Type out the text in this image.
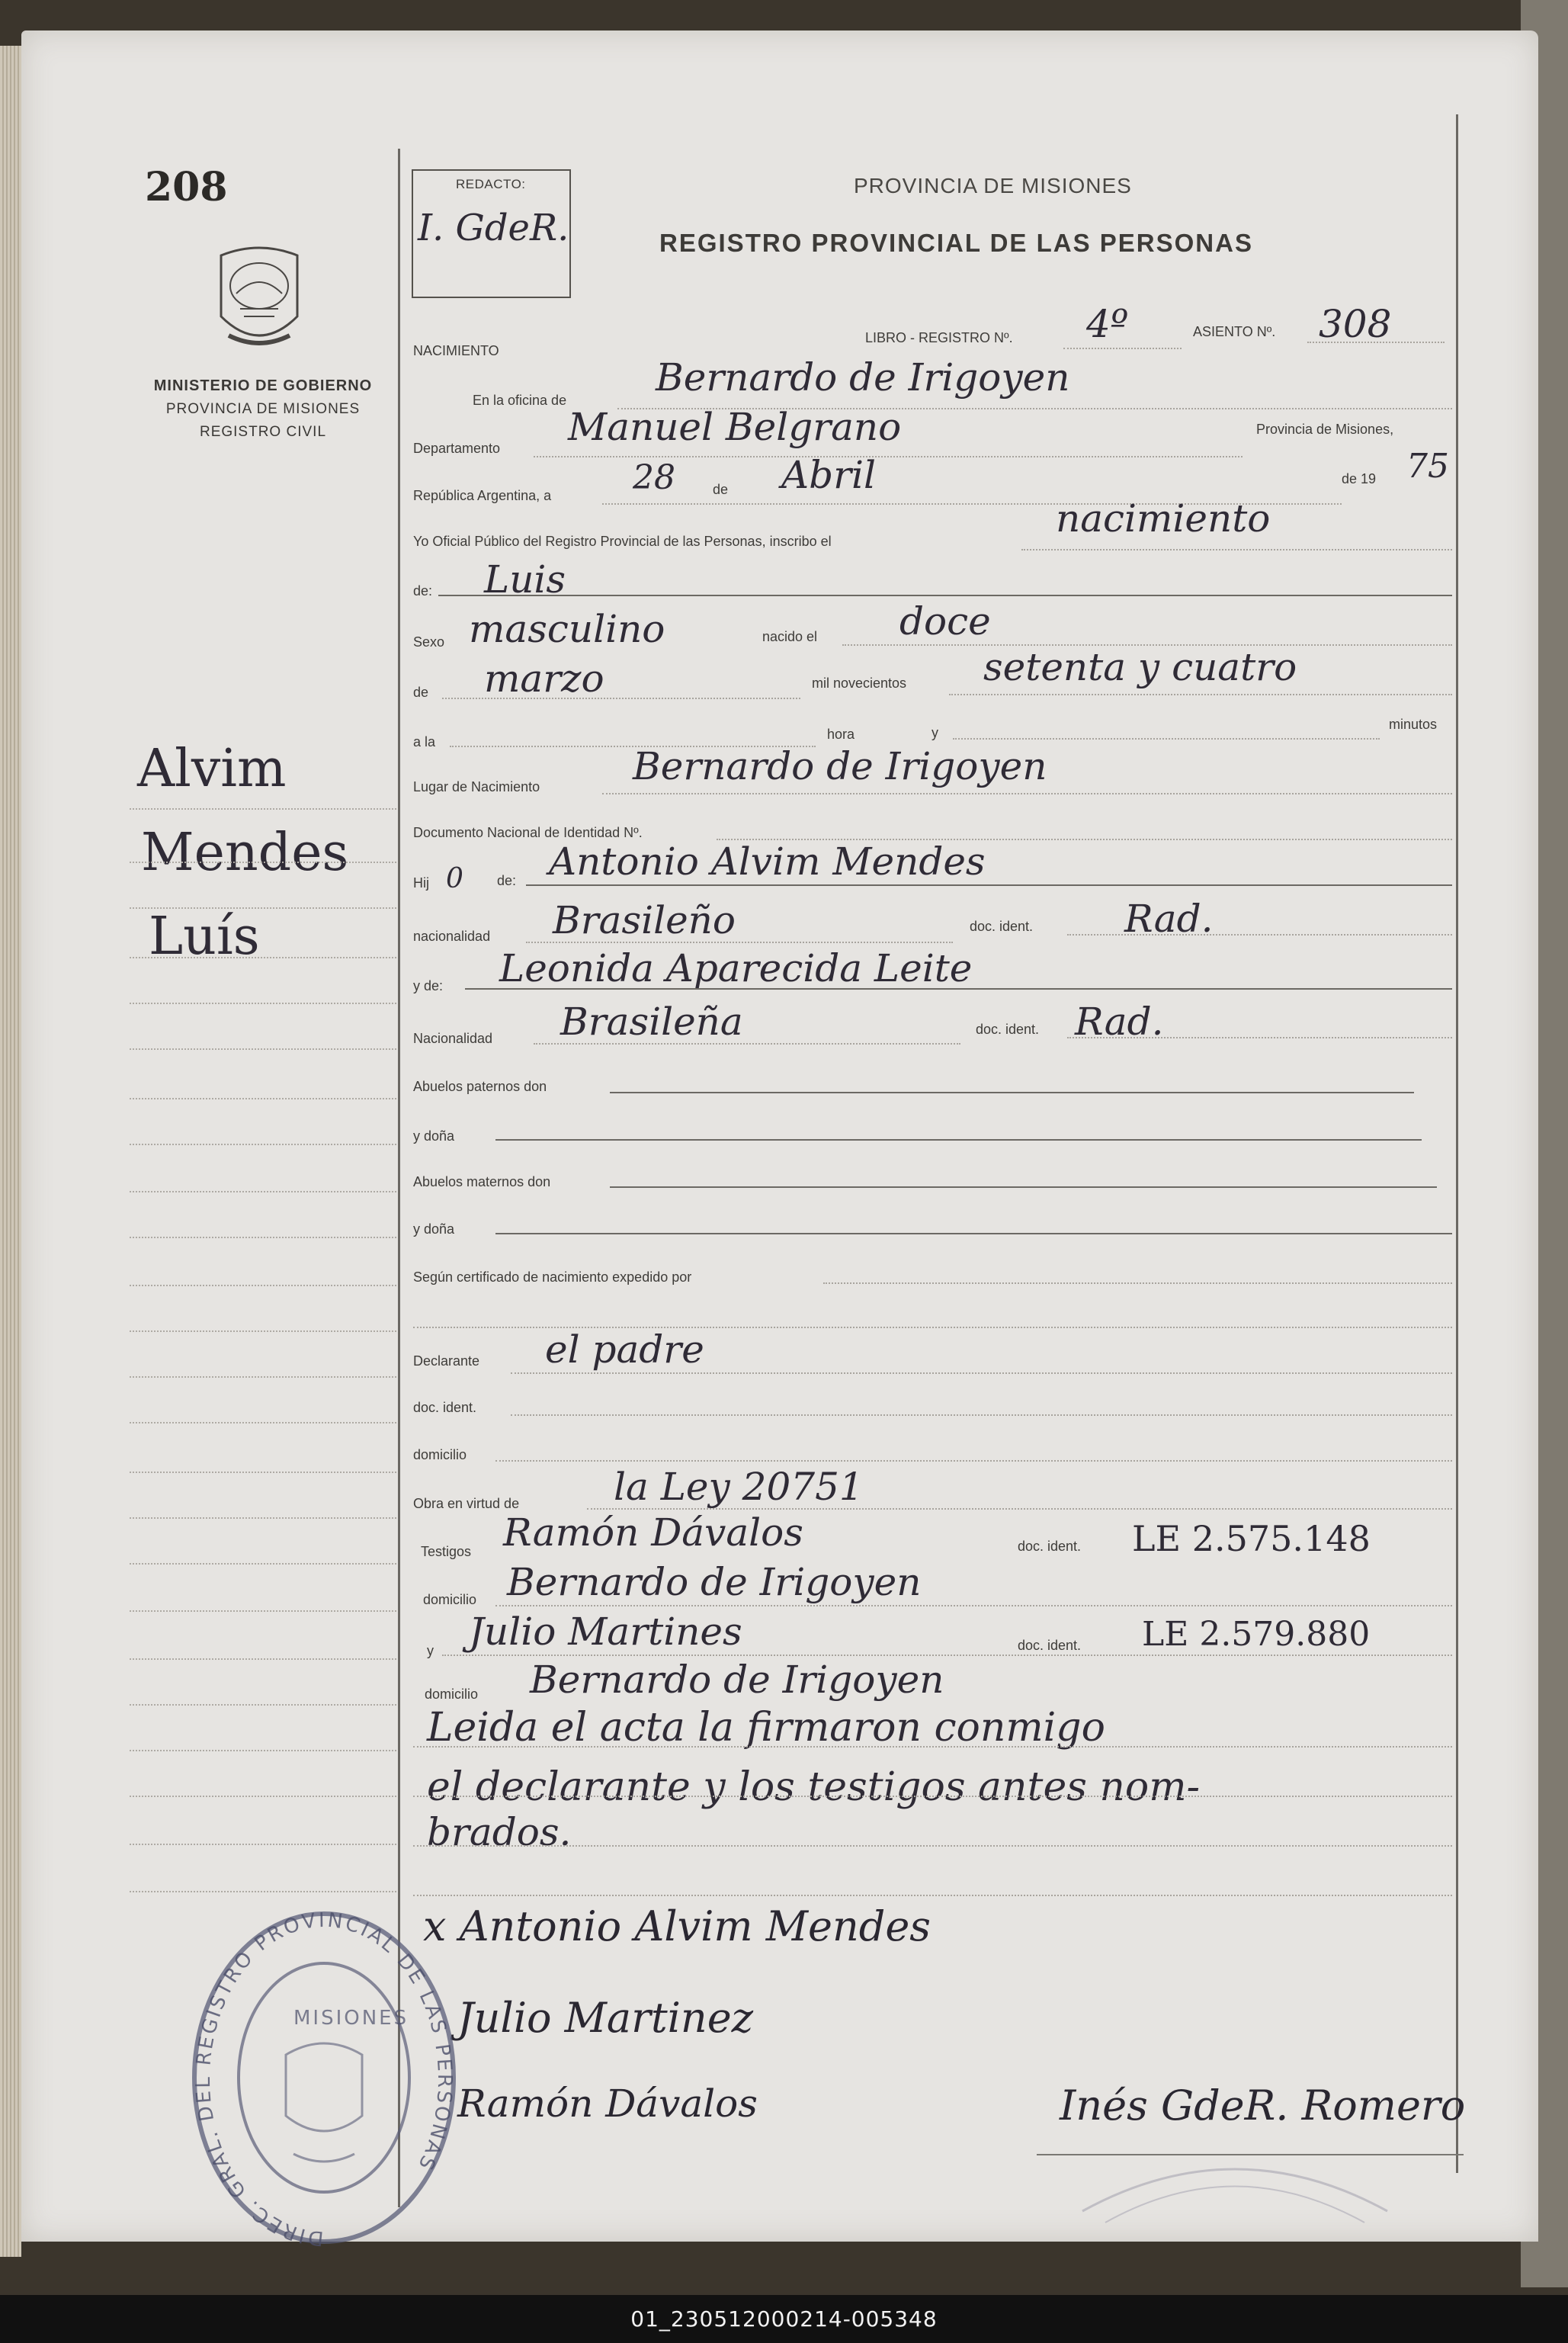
208
MINISTERIO DE GOBIERNO
PROVINCIA DE MISIONES
REGISTRO CIVIL
REDACTO:
I. GdeR.
PROVINCIA DE MISIONES
REGISTRO PROVINCIAL DE LAS PERSONAS
NACIMIENTO
LIBRO - REGISTRO Nº. 4º	ASIENTO Nº. 308
En la oficina de
Bernardo de Irigoyen
Departamento Manuel Belgrano	Provincia de Misiones,
República Argentina, a 28	de Abril	de 19 75
Yo Oficial Público del Registro Provincial de las Personas, inscribo el
nacimiento
de: Luis
Sexo masculino	nacido el doce
de marzo	mil novecientos setenta y cuatro
a la	hora	y
minutos
Lugar de Nacimiento Bernardo de Irigoyen
Documento Nacional de Identidad Nº.
Hij 0 de: Antonio Alvim Mendes
nacionalidad Brasileño	doc. ident. Rad.
y de: Leonida Aparecida Leite
Nacionalidad Brasileña	doc. ident. Rad.
Abuelos paternos don
y doña
Abuelos maternos don
y doña
Según certificado de nacimiento expedido por
Declarante el padre
doc. ident.
domicilio
Obra en virtud de la Ley 20751
Testigos Ramón Dávalos	doc. ident. LE 2.575.148
domicilio Bernardo de Irigoyen
y Julio Martines	doc. ident. LE 2.579.880
domicilio Bernardo de Irigoyen
Leida el acta la firmaron conmigo
el declarante y los testigos antes nom-
brados.
Alvim
Mendes
Luís
x Antonio Alvim Mendes
Julio Martinez
Ramón Dávalos	Inés GdeR. Romero
DIREC. GRAL. DEL REGISTRO PROVINCIAL DE LAS PERSONAS
MISIONES
01_230512000214-005348
